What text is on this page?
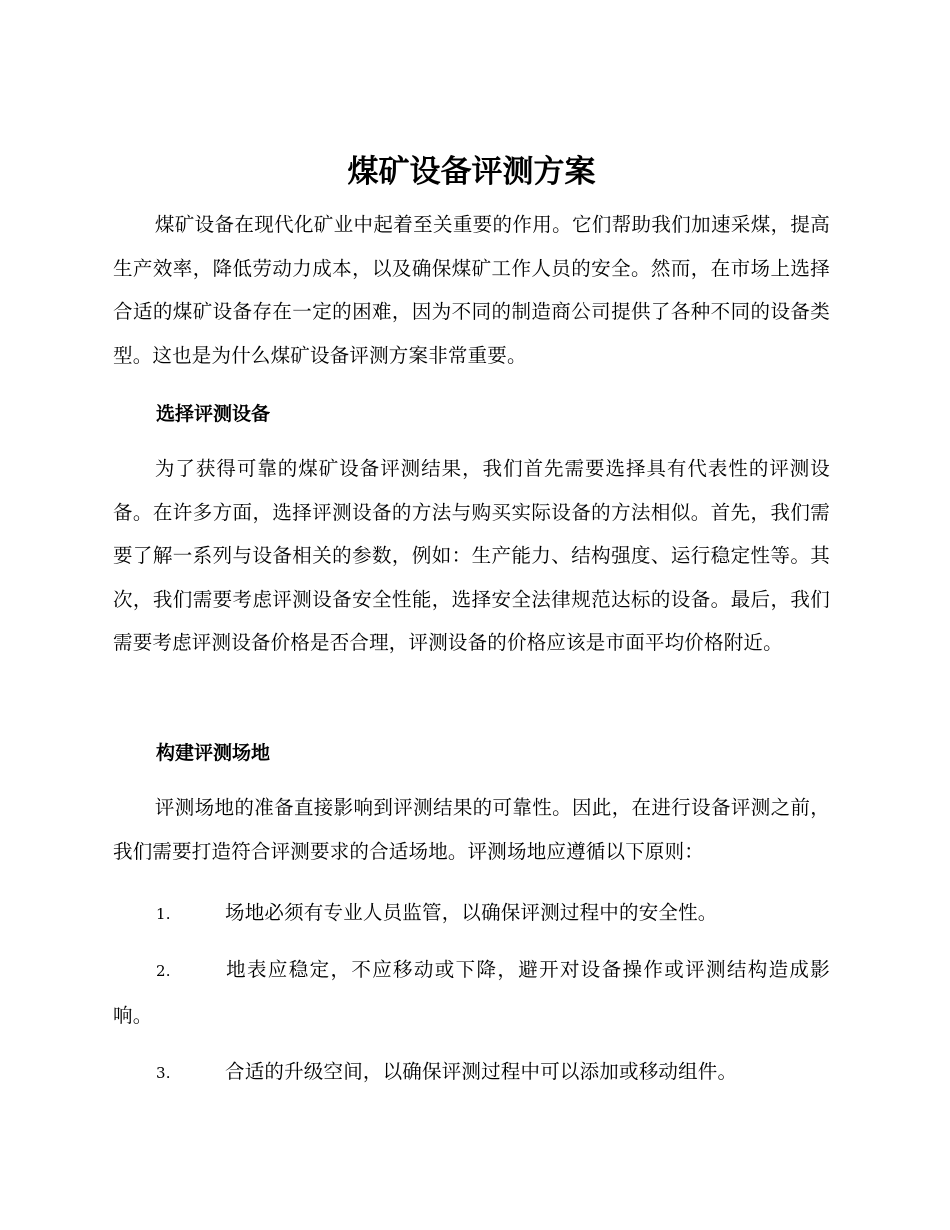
煤矿设备评测方案

煤矿设备在现代化矿业中起着至关重要的作用。它们帮助我们加速采煤，提高生产效率，降低劳动力成本，以及确保煤矿工作人员的安全。然而，在市场上选择合适的煤矿设备存在一定的困难，因为不同的制造商公司提供了各种不同的设备类型。这也是为什么煤矿设备评测方案非常重要。

选择评测设备

为了获得可靠的煤矿设备评测结果，我们首先需要选择具有代表性的评测设备。在许多方面，选择评测设备的方法与购买实际设备的方法相似。首先，我们需要了解一系列与设备相关的参数，例如：生产能力、结构强度、运行稳定性等。其次，我们需要考虑评测设备安全性能，选择安全法律规范达标的设备。最后，我们需要考虑评测设备价格是否合理，评测设备的价格应该是市面平均价格附近。

构建评测场地

评测场地的准备直接影响到评测结果的可靠性。因此，在进行设备评测之前，我们需要打造符合评测要求的合适场地。评测场地应遵循以下原则：

1.	场地必须有专业人员监管，以确保评测过程中的安全性。

2.	地表应稳定，不应移动或下降，避开对设备操作或评测结构造成影响。

3.	合适的升级空间，以确保评测过程中可以添加或移动组件。
